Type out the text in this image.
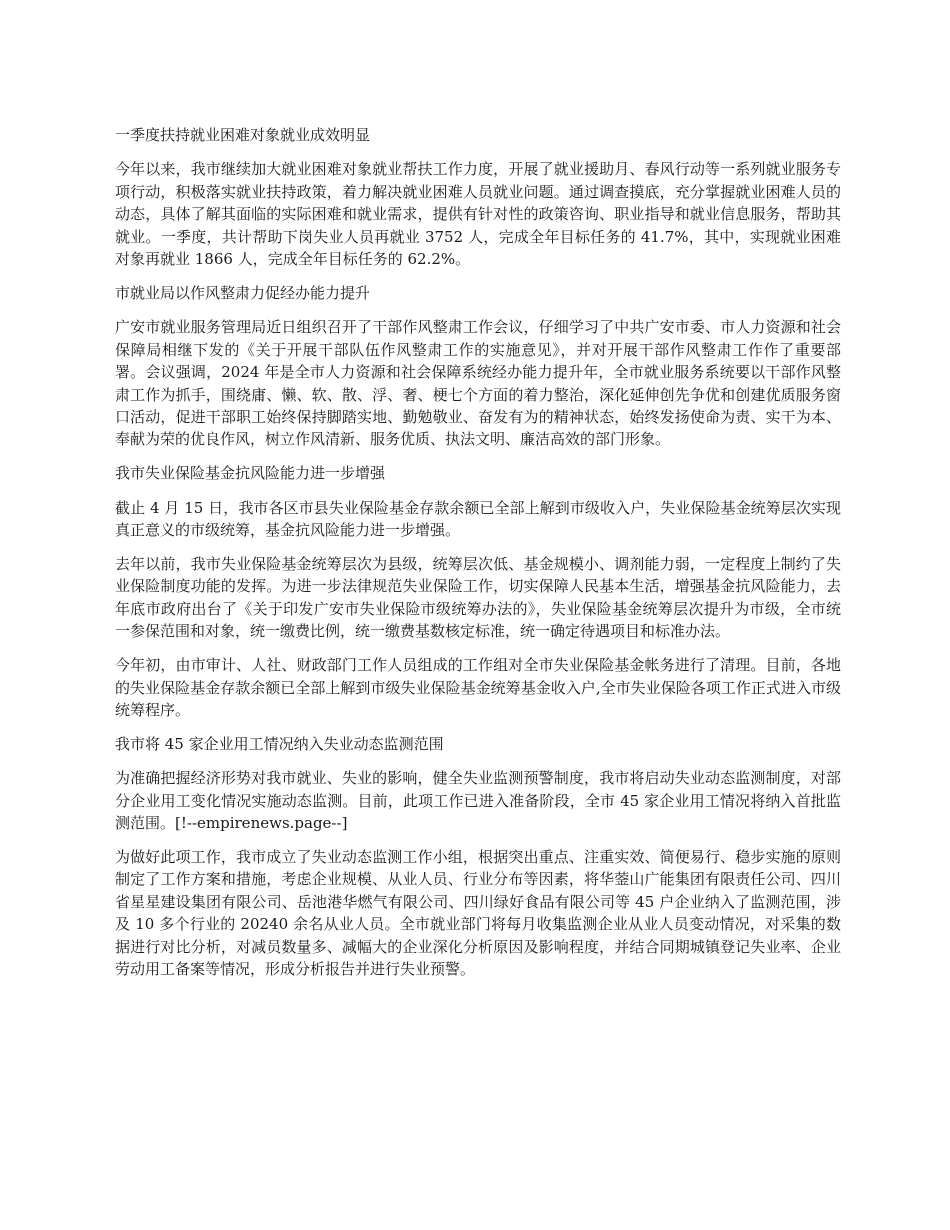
一季度扶持就业困难对象就业成效明显
今年以来，我市继续加大就业困难对象就业帮扶工作力度，开展了就业援助月、春风行动等一系列就业服务专项行动，积极落实就业扶持政策，着力解决就业困难人员就业问题。通过调查摸底，充分掌握就业困难人员的动态，具体了解其面临的实际困难和就业需求，提供有针对性的政策咨询、职业指导和就业信息服务，帮助其就业。一季度，共计帮助下岗失业人员再就业 3752 人，完成全年目标任务的 41.7%，其中，实现就业困难对象再就业 1866 人，完成全年目标任务的 62.2%。
市就业局以作风整肃力促经办能力提升
广安市就业服务管理局近日组织召开了干部作风整肃工作会议，仔细学习了中共广安市委、市人力资源和社会保障局相继下发的《关于开展干部队伍作风整肃工作的实施意见》，并对开展干部作风整肃工作作了重要部署。会议强调，2024 年是全市人力资源和社会保障系统经办能力提升年，全市就业服务系统要以干部作风整肃工作为抓手，围绕庸、懒、软、散、浮、奢、梗七个方面的着力整治，深化延伸创先争优和创建优质服务窗口活动，促进干部职工始终保持脚踏实地、勤勉敬业、奋发有为的精神状态，始终发扬使命为责、实干为本、奉献为荣的优良作风，树立作风清新、服务优质、执法文明、廉洁高效的部门形象。
我市失业保险基金抗风险能力进一步增强
截止 4 月 15 日，我市各区市县失业保险基金存款余额已全部上解到市级收入户，失业保险基金统筹层次实现真正意义的市级统筹，基金抗风险能力进一步增强。
去年以前，我市失业保险基金统筹层次为县级，统筹层次低、基金规模小、调剂能力弱，一定程度上制约了失业保险制度功能的发挥。为进一步法律规范失业保险工作，切实保障人民基本生活，增强基金抗风险能力，去年底市政府出台了《关于印发广安市失业保险市级统筹办法的》，失业保险基金统筹层次提升为市级，全市统一参保范围和对象，统一缴费比例，统一缴费基数核定标准，统一确定待遇项目和标准办法。
今年初，由市审计、人社、财政部门工作人员组成的工作组对全市失业保险基金帐务进行了清理。目前，各地的失业保险基金存款余额已全部上解到市级失业保险基金统筹基金收入户,全市失业保险各项工作正式进入市级统筹程序。
我市将 45 家企业用工情况纳入失业动态监测范围
为准确把握经济形势对我市就业、失业的影响，健全失业监测预警制度，我市将启动失业动态监测制度，对部分企业用工变化情况实施动态监测。目前，此项工作已进入准备阶段，全市 45 家企业用工情况将纳入首批监测范围。[!--empirenews.page--]
为做好此项工作，我市成立了失业动态监测工作小组，根据突出重点、注重实效、简便易行、稳步实施的原则制定了工作方案和措施，考虑企业规模、从业人员、行业分布等因素，将华蓥山广能集团有限责任公司、四川省星星建设集团有限公司、岳池港华燃气有限公司、四川绿好食品有限公司等 45 户企业纳入了监测范围，涉及 10 多个行业的 20240 余名从业人员。全市就业部门将每月收集监测企业从业人员变动情况，对采集的数据进行对比分析，对减员数量多、减幅大的企业深化分析原因及影响程度，并结合同期城镇登记失业率、企业劳动用工备案等情况，形成分析报告并进行失业预警。
